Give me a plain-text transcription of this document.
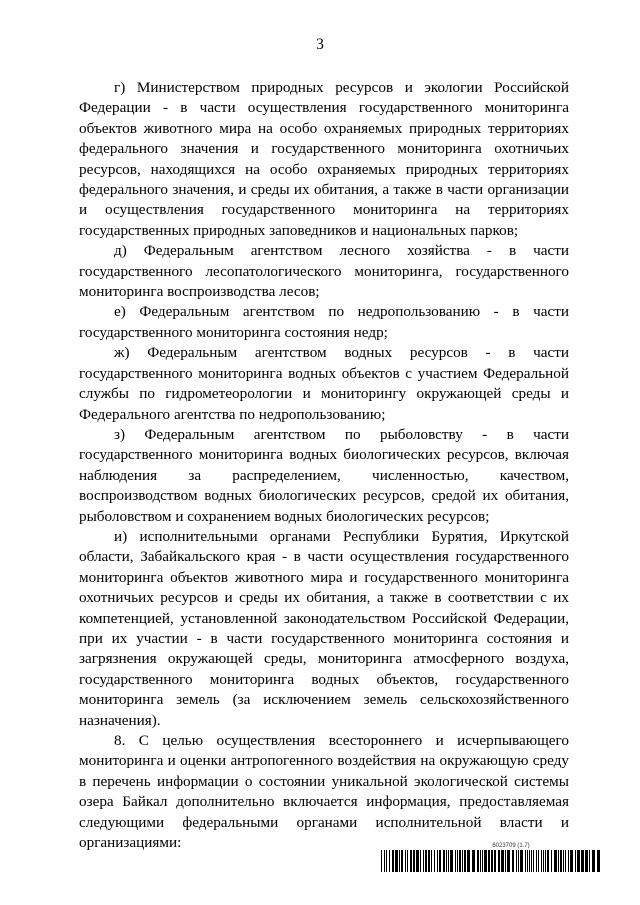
3

г) Министерством природных ресурсов и экологии Российской Федерации - в части осуществления государственного мониторинга объектов животного мира на особо охраняемых природных территориях федерального значения и государственного мониторинга охотничьих ресурсов, находящихся на особо охраняемых природных территориях федерального значения, и среды их обитания, а также в части организации и осуществления государственного мониторинга на территориях государственных природных заповедников и национальных парков;

д) Федеральным агентством лесного хозяйства - в части государственного лесопатологического мониторинга, государственного мониторинга воспроизводства лесов;

е) Федеральным агентством по недропользованию - в части государственного мониторинга состояния недр;

ж) Федеральным агентством водных ресурсов - в части государственного мониторинга водных объектов с участием Федеральной службы по гидрометеорологии и мониторингу окружающей среды и Федерального агентства по недропользованию;

з) Федеральным агентством по рыболовству - в части государственного мониторинга водных биологических ресурсов, включая наблюдения за распределением, численностью, качеством, воспроизводством водных биологических ресурсов, средой их обитания, рыболовством и сохранением водных биологических ресурсов;

и) исполнительными органами Республики Бурятия, Иркутской области, Забайкальского края - в части осуществления государственного мониторинга объектов животного мира и государственного мониторинга охотничьих ресурсов и среды их обитания, а также в соответствии с их компетенцией, установленной законодательством Российской Федерации, при их участии - в части государственного мониторинга состояния и загрязнения окружающей среды, мониторинга атмосферного воздуха, государственного мониторинга водных объектов, государственного мониторинга земель (за исключением земель сельскохозяйственного назначения).

8. С целью осуществления всестороннего и исчерпывающего мониторинга и оценки антропогенного воздействия на окружающую среду в перечень информации о состоянии уникальной экологической системы озера Байкал дополнительно включается информация, предоставляемая следующими федеральными органами исполнительной власти и организациями:	6023709 (1.7)
